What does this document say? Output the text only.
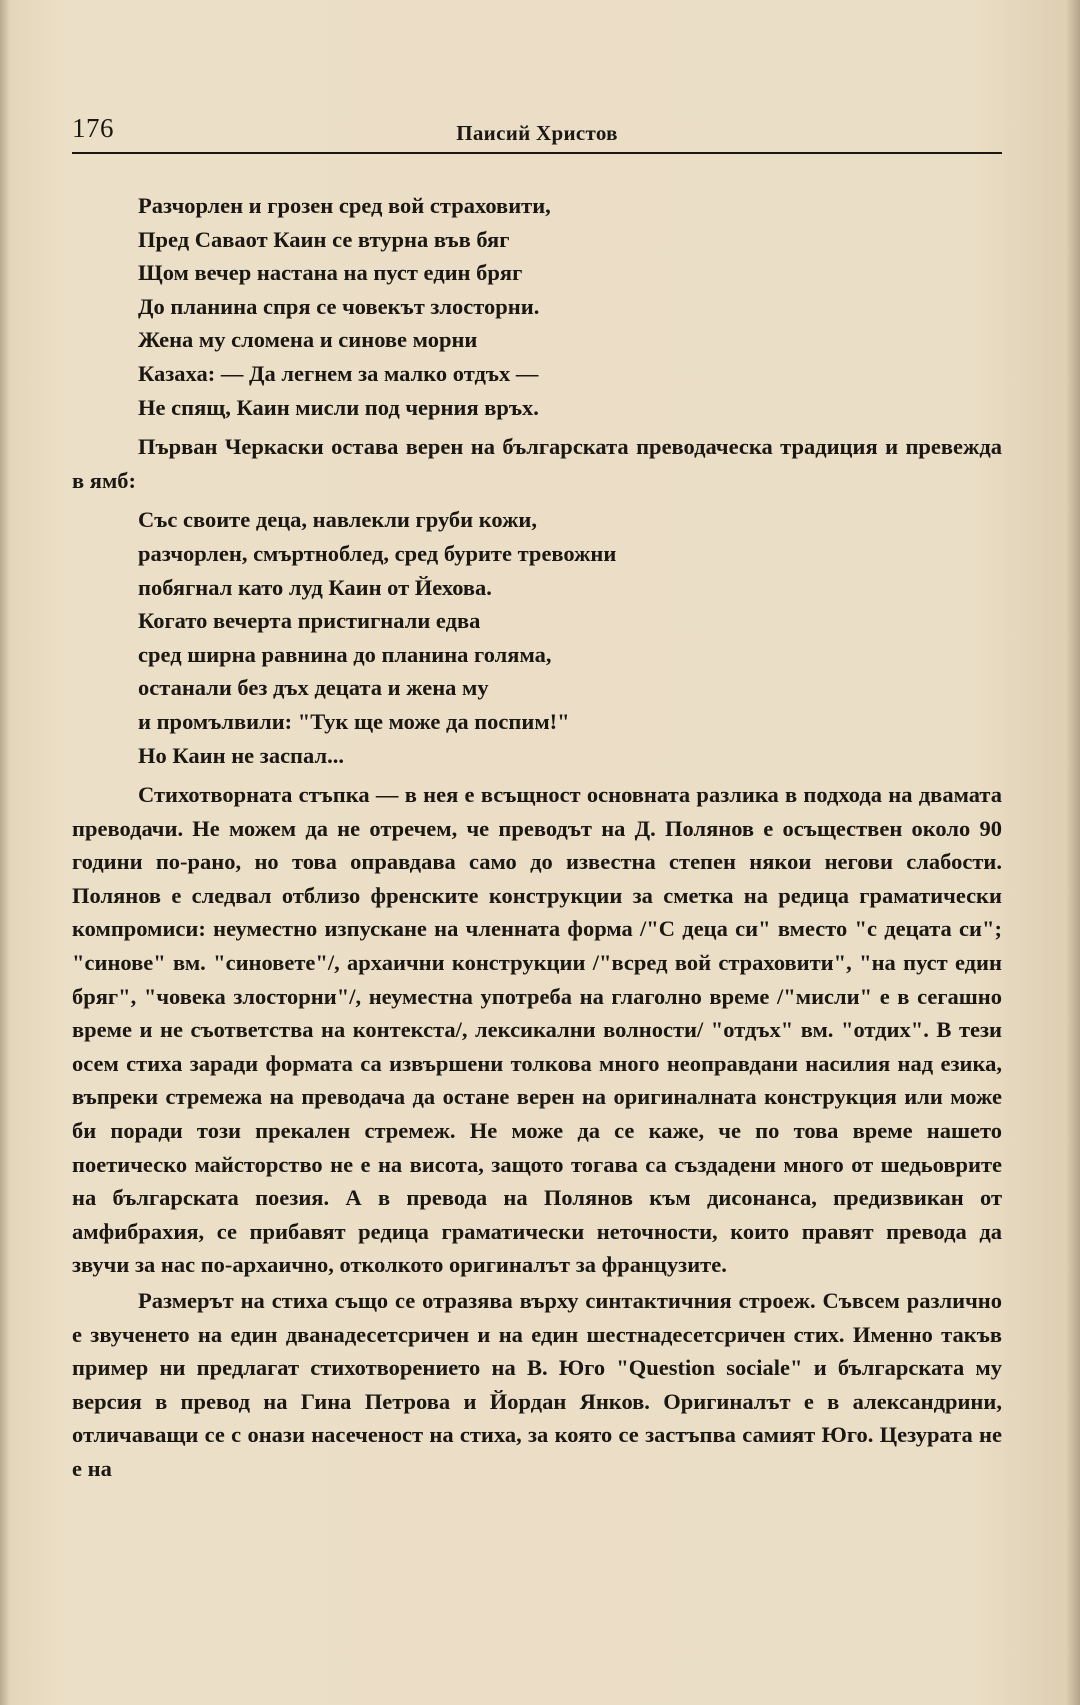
176	Паисий Христов
Разчорлен и грозен сред вой страховити,
Пред Саваот Каин се втурна във бяг
Щом вечер настана на пуст един бряг
До планина спря се човекът злосторни.
Жена му сломена и синове морни
Казаха: — Да легнем за малко отдъх —
Не спящ, Каин мисли под черния връх.

Първан Черкаски остава верен на българската преводаческа традиция и превежда в ямб:

Със своите деца, навлекли груби кожи,
разчорлен, смъртноблед, сред бурите тревожни
побягнал като луд Каин от Йехова.
Когато вечерта пристигнали едва
сред ширна равнина до планина голяма,
останали без дъх децата и жена му
и промълвили: "Тук ще може да поспим!"
Но Каин не заспал...

Стихотворната стъпка — в нея е всъщност основната разлика в подхода на двамата преводачи. Не можем да не отречем, че преводът на Д. Полянов е осъществен около 90 години по-рано, но това оправдава само до известна степен някои негови слабости. Полянов е следвал отблизо френските конструкции за сметка на редица граматически компромиси: неуместно изпускане на членната форма /"С деца си" вместо "с децата си"; "синове" вм. "синовете"/, архаични конструкции /"всред вой страховити", "на пуст един бряг", "човека злосторни"/, неуместна употреба на глаголно време /"мисли" е в сегашно време и не съответства на контекста/, лексикални волности/ "отдъх" вм. "отдих". В тези осем стиха заради формата са извършени толкова много неоправдани насилия над езика, въпреки стремежа на преводача да остане верен на оригиналната конструкция или може би поради този прекален стремеж. Не може да се каже, че по това време нашето поетическо майсторство не е на висота, защото тогава са създадени много от шедьоврите на българската поезия. А в превода на Полянов към дисонанса, предизвикан от амфибрахия, се прибавят редица граматически неточности, които правят превода да звучи за нас по-архаично, отколкото оригиналът за французите.

Размерът на стиха също се отразява върху синтактичния строеж. Съвсем различно е звученето на един дванадесетсричен и на един шестнадесетсричен стих. Именно такъв пример ни предлагат стихотворението на В. Юго "Question sociale" и българската му версия в превод на Гина Петрова и Йордан Янков. Оригиналът е в александрини, отличаващи се с онази насеченост на стиха, за която се застъпва самият Юго. Цезурата не е на
